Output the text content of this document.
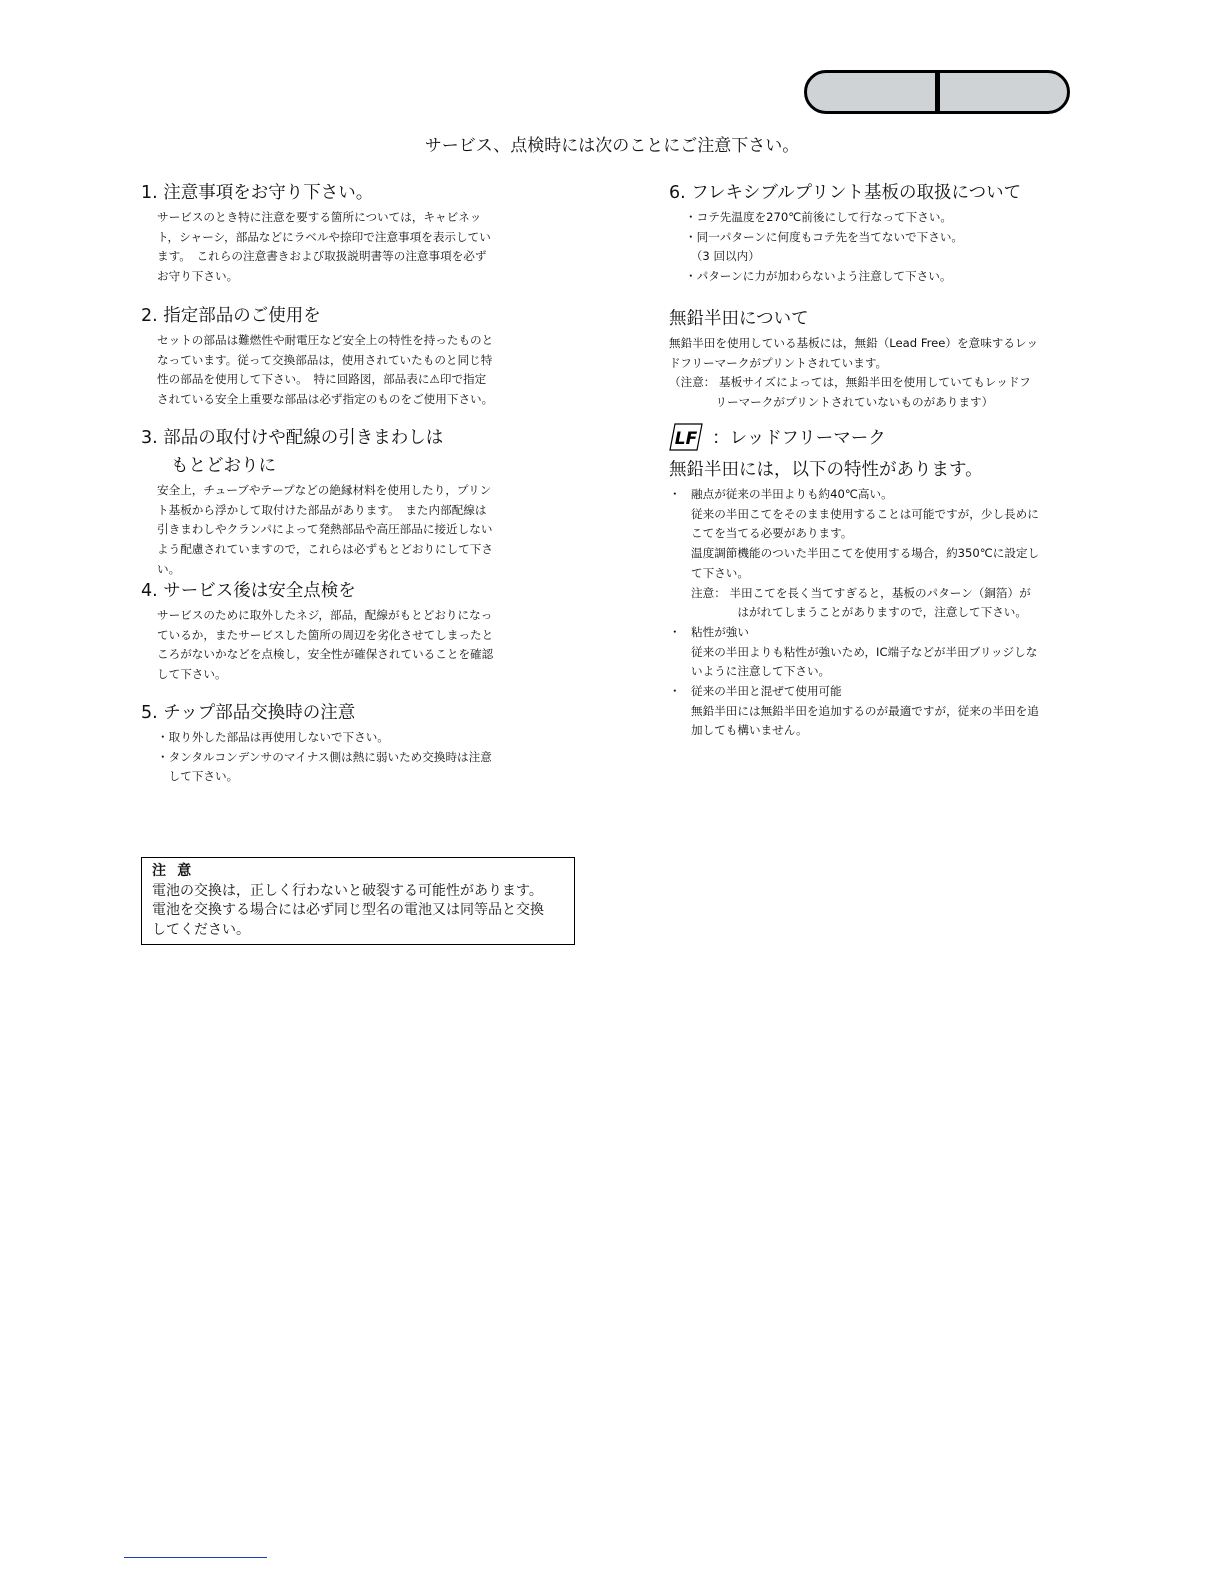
サービス、点検時には次のことにご注意下さい。
1. 注意事項をお守り下さい。
サービスのとき特に注意を要する箇所については，キャビネッ
ト，シャーシ，部品などにラベルや捺印で注意事項を表示してい
ます。　これらの注意書きおよび取扱説明書等の注意事項を必ず
お守り下さい。
2. 指定部品のご使用を
セットの部品は難燃性や耐電圧など安全上の特性を持ったものと
なっています。従って交換部品は，使用されていたものと同じ特
性の部品を使用して下さい。　特に回路図，部品表に⚠印で指定
されている安全上重要な部品は必ず指定のものをご使用下さい。
3. 部品の取付けや配線の引きまわしは
もとどおりに
安全上，チューブやテープなどの絶縁材料を使用したり，プリン
ト基板から浮かして取付けた部品があります。　また内部配線は
引きまわしやクランパによって発熱部品や高圧部品に接近しない
よう配慮されていますので，これらは必ずもとどおりにして下さ
い。
4. サービス後は安全点検を
サービスのために取外したネジ，部品，配線がもとどおりになっ
ているか，またサービスした箇所の周辺を劣化させてしまったと
ころがないかなどを点検し，安全性が確保されていることを確認
して下さい。
5. チップ部品交換時の注意
・取り外した部品は再使用しないで下さい。
・タンタルコンデンサのマイナス側は熱に弱いため交換時は注意
　して下さい。
注意
電池の交換は，正しく行わないと破裂する可能性があります。
電池を交換する場合には必ず同じ型名の電池又は同等品と交換
してください。
6. フレキシブルプリント基板の取扱について
・コテ先温度を270℃前後にして行なって下さい。
・同一パターンに何度もコテ先を当てないで下さい。
　（3 回以内）
・パターンに力が加わらないよう注意して下さい。
無鉛半田について
無鉛半田を使用している基板には，無鉛（Lead Free）を意味するレッ
ドフリーマークがプリントされています。
（注意： 基板サイズによっては，無鉛半田を使用していてもレッドフ
　　　　リーマークがプリントされていないものがあります）
LF ：レッドフリーマーク
無鉛半田には，以下の特性があります。
・ 融点が従来の半田よりも約40℃高い。
従来の半田こてをそのまま使用することは可能ですが，少し長めに
こてを当てる必要があります。
温度調節機能のついた半田こてを使用する場合，約350℃に設定し
て下さい。
注意： 半田こてを長く当てすぎると，基板のパターン（銅箔）が
　　　　はがれてしまうことがありますので，注意して下さい。
・ 粘性が強い
従来の半田よりも粘性が強いため，IC端子などが半田ブリッジしな
いように注意して下さい。
・ 従来の半田と混ぜて使用可能
無鉛半田には無鉛半田を追加するのが最適ですが，従来の半田を追
加しても構いません。
